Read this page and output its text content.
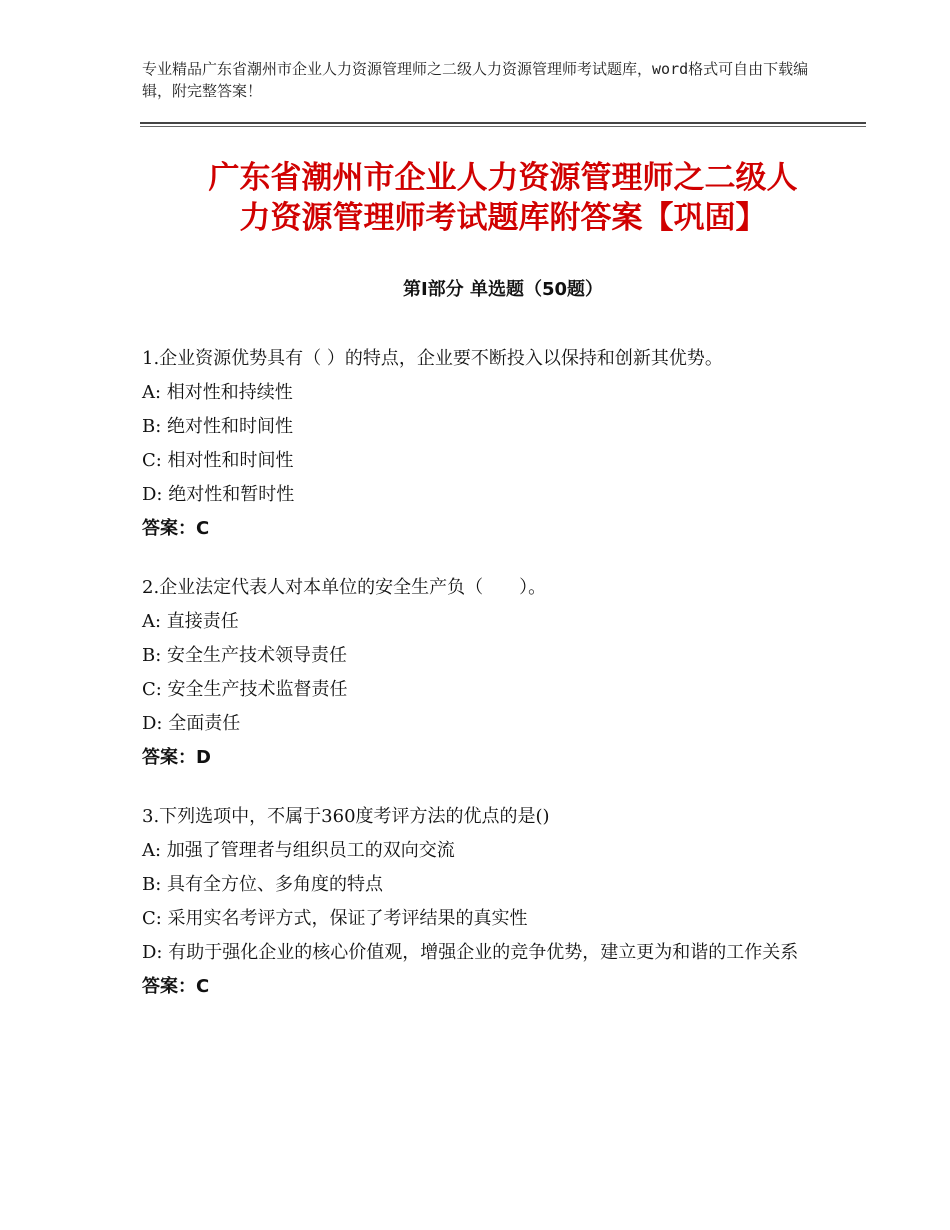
专业精品广东省潮州市企业人力资源管理师之二级人力资源管理师考试题库，word格式可自由下载编辑，附完整答案！
广东省潮州市企业人力资源管理师之二级人
力资源管理师考试题库附答案【巩固】
第Ⅰ部分 单选题（50题）
1.企业资源优势具有（ ）的特点，企业要不断投入以保持和创新其优势。
A: 相对性和持续性
B: 绝对性和时间性
C: 相对性和时间性
D: 绝对性和暂时性
答案：C
2.企业法定代表人对本单位的安全生产负（　　）。
A: 直接责任
B: 安全生产技术领导责任
C: 安全生产技术监督责任
D: 全面责任
答案：D
3.下列选项中，不属于360度考评方法的优点的是()
A: 加强了管理者与组织员工的双向交流
B: 具有全方位、多角度的特点
C: 采用实名考评方式，保证了考评结果的真实性
D: 有助于强化企业的核心价值观，增强企业的竞争优势，建立更为和谐的工作关系
答案：C
